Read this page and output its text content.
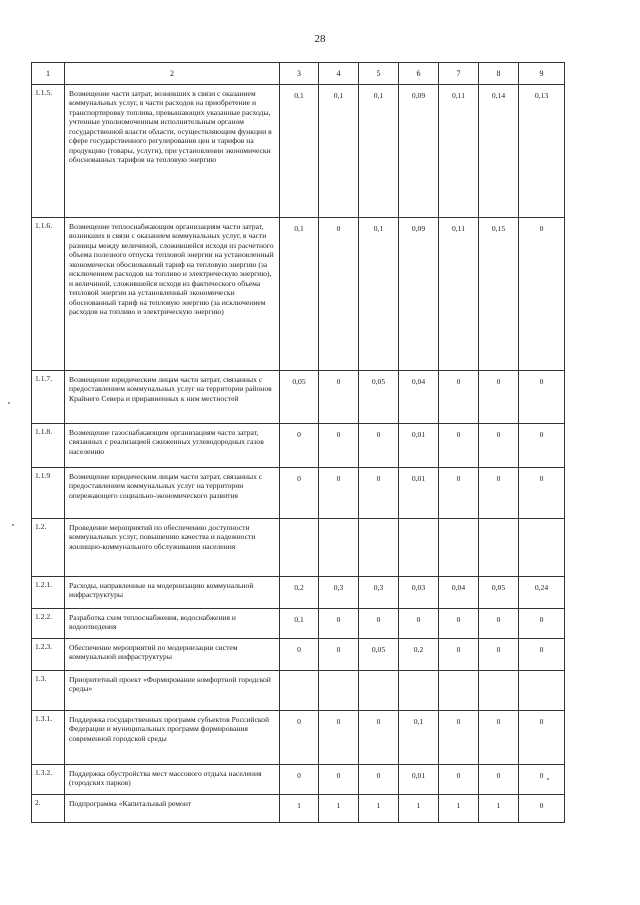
28
1	2	3	4	5	6	7	8	9
1.1.5.	Возмещение части затрат, возникших в связи с оказанием коммунальных услуг, в части расходов на приобретение и транспортировку топлива, превышающих указанные расходы, учтенные уполномоченным исполнительным органом государственной власти области, осуществляющим функции в сфере государственного регулирования цен и тарифов на продукцию (товары, услуги), при установлении экономически обоснованных тарифов на тепловую энергию	0,1	0,1	0,1	0,09	0,11	0,14	0,13
1.1.6.	Возмещение теплоснабжающим организациям части затрат, возникших в связи с оказанием коммунальных услуг, в части разницы между величиной, сложившейся исходя из расчетного объема полезного отпуска тепловой энергии на установленный экономически обоснованный тариф на тепловую энергию (за исключением расходов на топливо и электрическую энергию), и величиной, сложившейся исходя из фактического объема тепловой энергии на установленный экономически обоснованный тариф на тепловую энергию (за исключением расходов на топливо и электрическую энергию)	0,1	0	0,1	0,09	0,11	0,15	0
1.1.7.	Возмещение юридическим лицам части затрат, связанных с предоставлением коммунальных услуг на территории районов Крайнего Севера и приравненных к ним местностей	0,05	0	0,05	0,04	0	0	0
1.1.8.	Возмещение газоснабжающим организациям части затрат, связанных с реализацией сжиженных углеводородных газов населению	0	0	0	0,01	0	0	0
1.1.9	Возмещение юридическим лицам части затрат, связанных с предоставлением коммунальных услуг на территории опережающего социально-экономического развития	0	0	0	0,01	0	0	0
1.2.	Проведение мероприятий по обеспечению доступности коммунальных услуг, повышению качества и надежности жилищно-коммунального обслуживания населения							
1.2.1.	Расходы, направленные на модернизацию коммунальной инфраструктуры	0,2	0,3	0,3	0,03	0,04	0,05	0,24
1.2.2.	Разработка схем теплоснабжения, водоснабжения и водоотведения	0,1	0	0	0	0	0	0
1.2.3.	Обеспечение мероприятий по модернизации систем коммунальной инфраструктуры	0	0	0,05	0,2	0	0	0
1.3.	Приоритетный проект «Формирование комфортной городской среды»							
1.3.1.	Поддержка государственных программ субъектов Российской Федерации и муниципальных программ формирования современной городской среды	0	0	0	0,1	0	0	0
1.3.2.	Поддержка обустройства мест массового отдыха населения (городских парков)	0	0	0	0,01	0	0	0
2.	Подпрограмма «Капитальный ремонт	1	1	1	1	1	1	0
